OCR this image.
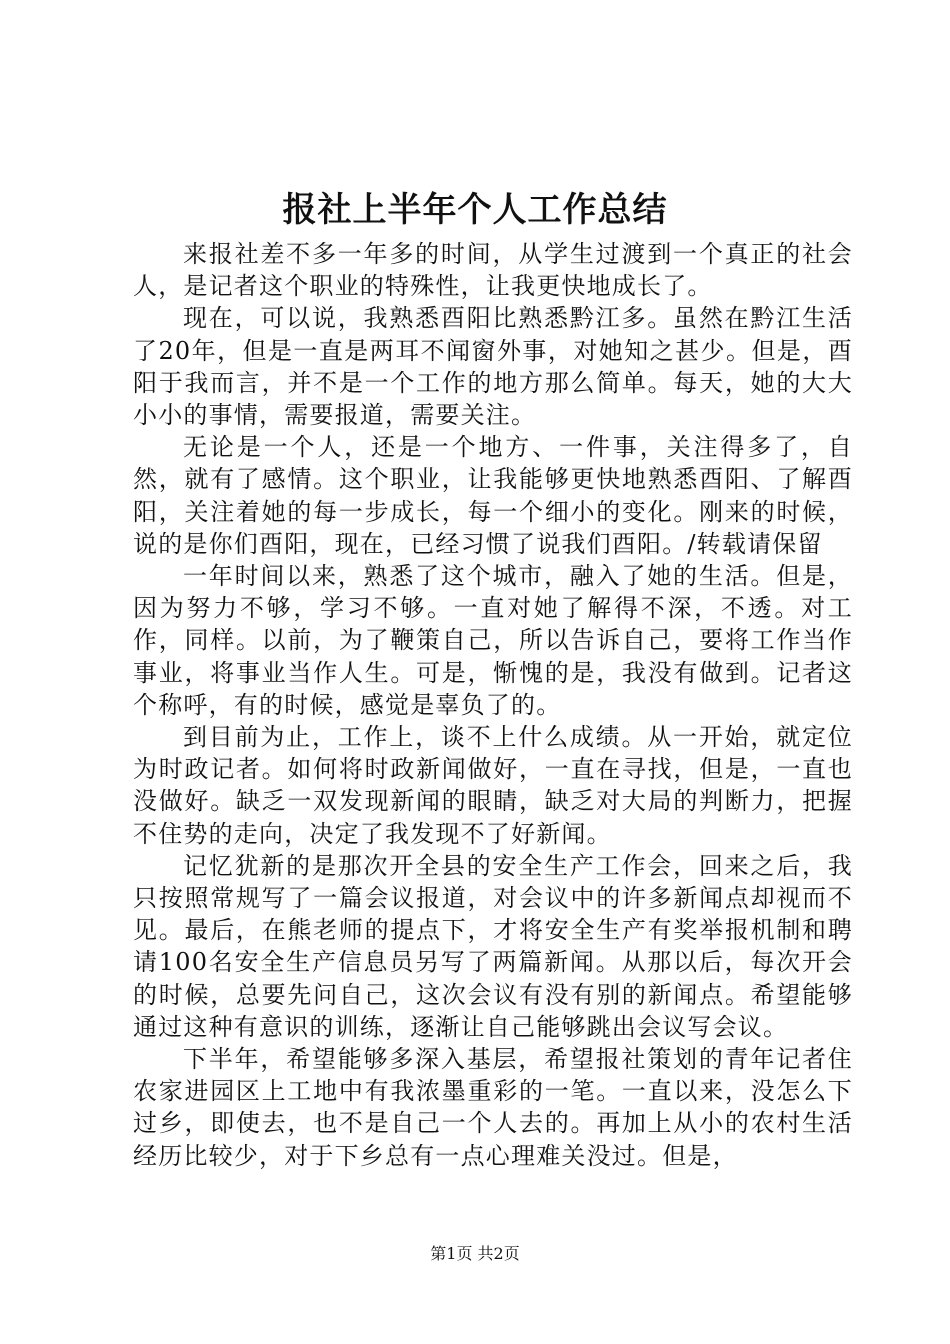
报社上半年个人工作总结

来报社差不多一年多的时间，从学生过渡到一个真正的社会人，是记者这个职业的特殊性，让我更快地成长了。

现在，可以说，我熟悉酉阳比熟悉黔江多。虽然在黔江生活了20年，但是一直是两耳不闻窗外事，对她知之甚少。但是，酉阳于我而言，并不是一个工作的地方那么简单。每天，她的大大小小的事情，需要报道，需要关注。

无论是一个人，还是一个地方、一件事，关注得多了，自然，就有了感情。这个职业，让我能够更快地熟悉酉阳、了解酉阳，关注着她的每一步成长，每一个细小的变化。刚来的时候，说的是你们酉阳，现在，已经习惯了说我们酉阳。/转载请保留

一年时间以来，熟悉了这个城市，融入了她的生活。但是，因为努力不够，学习不够。一直对她了解得不深，不透。对工作，同样。以前，为了鞭策自己，所以告诉自己，要将工作当作事业，将事业当作人生。可是，惭愧的是，我没有做到。记者这个称呼，有的时候，感觉是辜负了的。

到目前为止，工作上，谈不上什么成绩。从一开始，就定位为时政记者。如何将时政新闻做好，一直在寻找，但是，一直也没做好。缺乏一双发现新闻的眼睛，缺乏对大局的判断力，把握不住势的走向，决定了我发现不了好新闻。

记忆犹新的是那次开全县的安全生产工作会，回来之后，我只按照常规写了一篇会议报道，对会议中的许多新闻点却视而不见。最后，在熊老师的提点下，才将安全生产有奖举报机制和聘请100名安全生产信息员另写了两篇新闻。从那以后，每次开会的时候，总要先问自己，这次会议有没有别的新闻点。希望能够通过这种有意识的训练，逐渐让自己能够跳出会议写会议。

下半年，希望能够多深入基层，希望报社策划的青年记者住农家进园区上工地中有我浓墨重彩的一笔。一直以来，没怎么下过乡，即使去，也不是自己一个人去的。再加上从小的农村生活经历比较少，对于下乡总有一点心理难关没过。但是，

第1页 共2页
